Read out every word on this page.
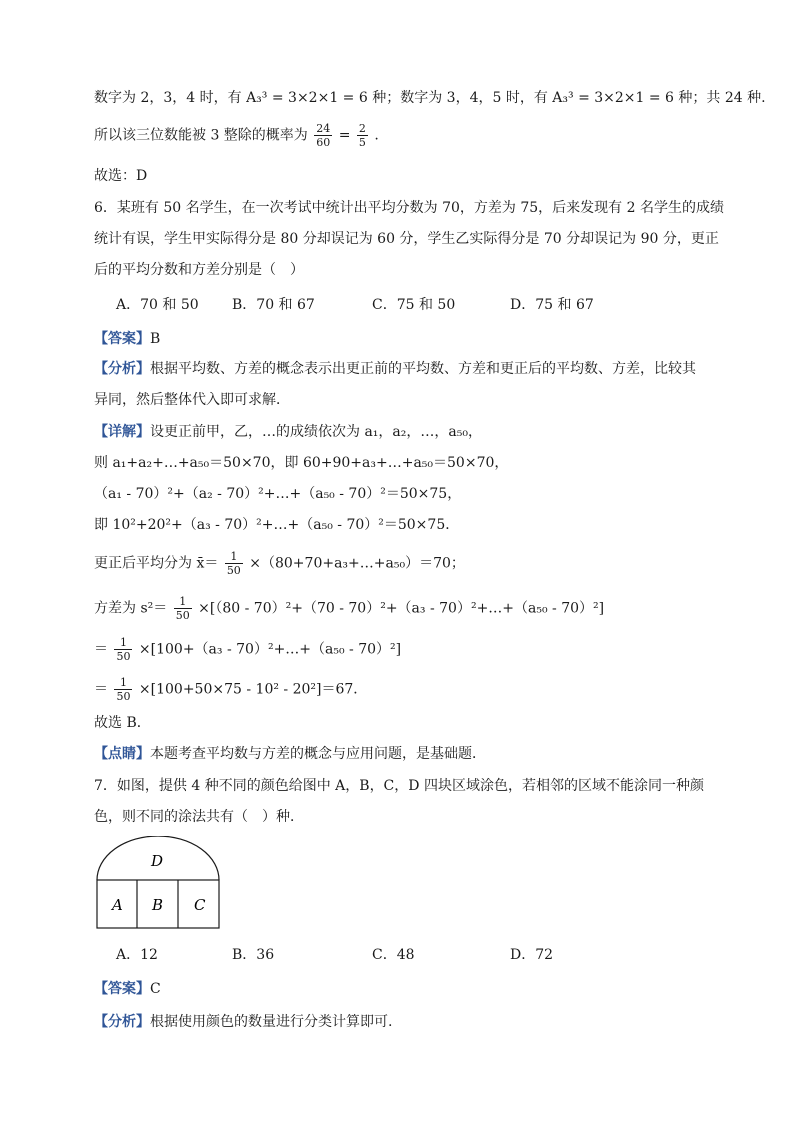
数字为 2，3，4 时，有 A₃³ = 3×2×1 = 6 种；数字为 3，4，5 时，有 A₃³ = 3×2×1 = 6 种；共 24 种.
所以该三位数能被 3 整除的概率为 $\frac{24}{60} = \frac{2}{5}$ .
故选：D
6．某班有 50 名学生，在一次考试中统计出平均分数为 70，方差为 75，后来发现有 2 名学生的成绩
统计有误，学生甲实际得分是 80 分却误记为 60 分，学生乙实际得分是 70 分却误记为 90 分，更正
后的平均分数和方差分别是（　）
A．70 和 50 B．70 和 67	C．75 和 50	D．75 和 67
【答案】B
【分析】根据平均数、方差的概念表示出更正前的平均数、方差和更正后的平均数、方差，比较其
异同，然后整体代入即可求解．
【详解】设更正前甲，乙，…的成绩依次为 a₁，a₂，…，a₅₀，
则 a₁+a₂+…+a₅₀＝50×70，即 60+90+a₃+…+a₅₀＝50×70，
（a₁ - 70）²+（a₂ - 70）²+…+（a₅₀ - 70）²＝50×75，
即 10²+20²+（a₃ - 70）²+…+（a₅₀ - 70）²＝50×75．
更正后平均分为 x̄＝ $\frac{1}{50}$ ×（80+70+a₃+…+a₅₀）＝70；
方差为 $s^2= \frac{1}{50} \times[(80 - 70)^2+(70 - 70)^2+(a_3$ - 70）²+…+（a₅₀ - 70）²]
＝ $\frac{1}{50} \times[100+(a_3$ - 70）²+…+（a₅₀ - 70）²]
＝ $\frac{1}{50} \times[100+50\times 75 - 10^2 - 20^2]=67$．
故选 B．
【点睛】本题考查平均数与方差的概念与应用问题，是基础题．
7．如图，提供 4 种不同的颜色给图中 A，B，C，D 四块区域涂色，若相邻的区域不能涂同一种颜
色，则不同的涂法共有（　）种．
D
A B C
A．12	B．36	C．48	D．72
【答案】C
【分析】根据使用颜色的数量进行分类计算即可.
